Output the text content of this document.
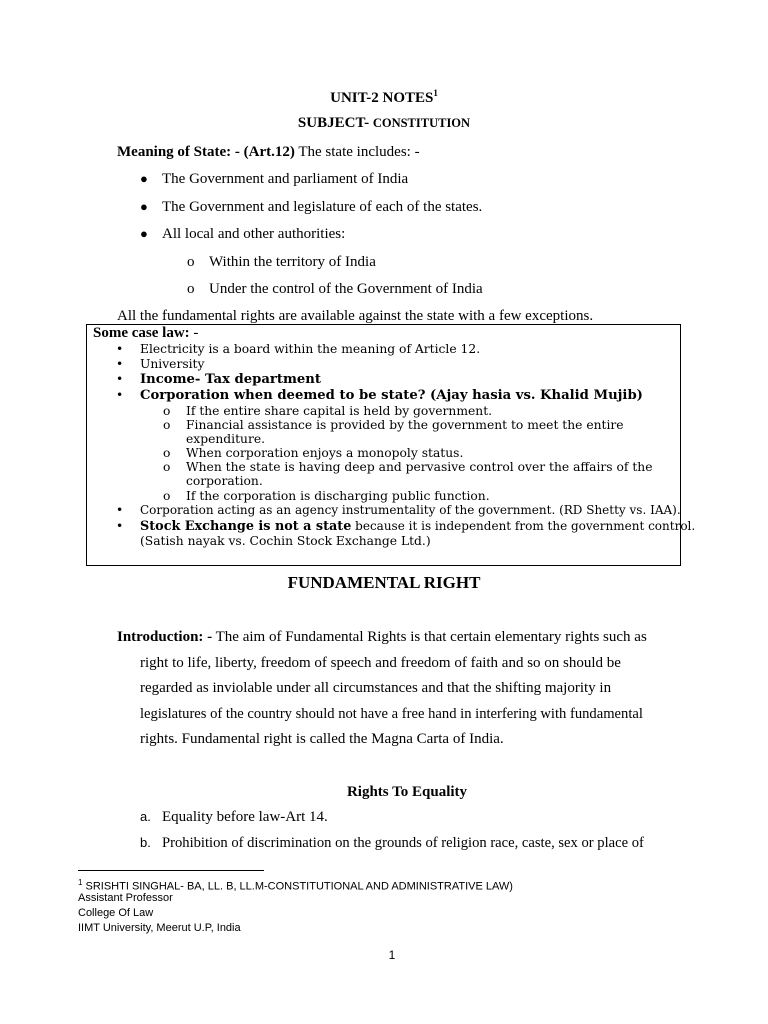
UNIT-2 NOTES$^1$
SUBJECT- CONSTITUTION
Meaning of State: - (Art.12) The state includes: -
● The Government and parliament of India
● The Government and legislature of each of the states.
● All local and other authorities:
o Within the territory of India
o Under the control of the Government of India
All the fundamental rights are available against the state with a few exceptions.
Some case law: -
• Electricity is a board within the meaning of Article 12.
• University
• Income- Tax department
• Corporation when deemed to be state? (Ajay hasia vs. Khalid Mujib)
o If the entire share capital is held by government.
o Financial assistance is provided by the government to meet the entire
expenditure.
o When corporation enjoys a monopoly status.
o When the state is having deep and pervasive control over the affairs of the
corporation.
o If the corporation is discharging public function.
• Corporation acting as an agency instrumentality of the government. (RD Shetty vs. IAA).
• Stock Exchange is not a state because it is independent from the government control.
(Satish nayak vs. Cochin Stock Exchange Ltd.)
FUNDAMENTAL RIGHT
Introduction: - The aim of Fundamental Rights is that certain elementary rights such as
right to life, liberty, freedom of speech and freedom of faith and so on should be
regarded as inviolable under all circumstances and that the shifting majority in
legislatures of the country should not have a free hand in interfering with fundamental
rights. Fundamental right is called the Magna Carta of India.
Rights To Equality
a. Equality before law-Art 14.
b. Prohibition of discrimination on the grounds of religion race, caste, sex or place of
$^1$ SRISHTI SINGHAL- BA, LL. B, LL.M-CONSTITUTIONAL AND ADMINISTRATIVE LAW)
Assistant Professor
College Of Law
IIMT University, Meerut U.P, India
1
